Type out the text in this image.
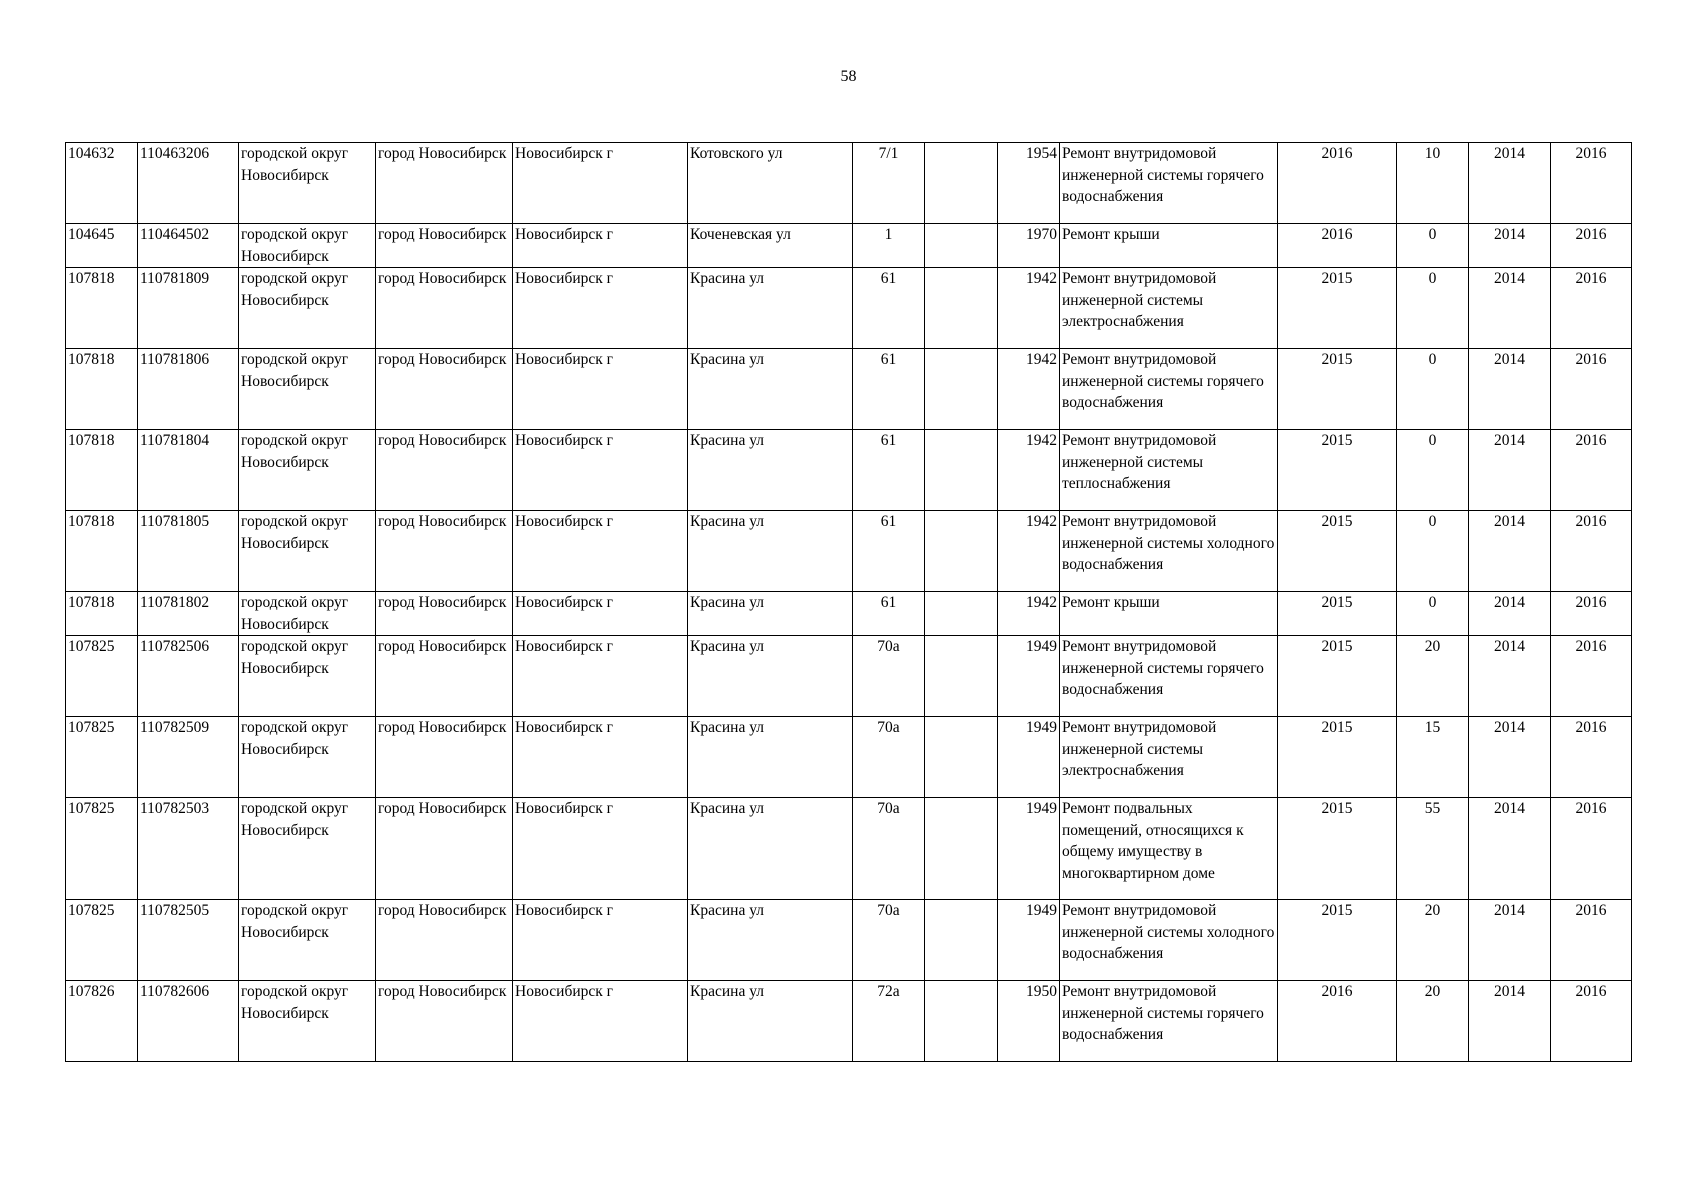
58
104632	110463206	городской округ Новосибирск	город Новосибирск	Новосибирск г	Котовского ул	7/1		1954	Ремонт внутридомовой инженерной системы горячего водоснабжения	2016	10	2014	2016
104645	110464502	городской округ Новосибирск	город Новосибирск	Новосибирск г	Коченевская ул	1		1970	Ремонт крыши	2016	0	2014	2016
107818	110781809	городской округ Новосибирск	город Новосибирск	Новосибирск г	Красина ул	61		1942	Ремонт внутридомовой инженерной системы электроснабжения	2015	0	2014	2016
107818	110781806	городской округ Новосибирск	город Новосибирск	Новосибирск г	Красина ул	61		1942	Ремонт внутридомовой инженерной системы горячего водоснабжения	2015	0	2014	2016
107818	110781804	городской округ Новосибирск	город Новосибирск	Новосибирск г	Красина ул	61		1942	Ремонт внутридомовой инженерной системы теплоснабжения	2015	0	2014	2016
107818	110781805	городской округ Новосибирск	город Новосибирск	Новосибирск г	Красина ул	61		1942	Ремонт внутридомовой инженерной системы холодного водоснабжения	2015	0	2014	2016
107818	110781802	городской округ Новосибирск	город Новосибирск	Новосибирск г	Красина ул	61		1942	Ремонт крыши	2015	0	2014	2016
107825	110782506	городской округ Новосибирск	город Новосибирск	Новосибирск г	Красина ул	70а		1949	Ремонт внутридомовой инженерной системы горячего водоснабжения	2015	20	2014	2016
107825	110782509	городской округ Новосибирск	город Новосибирск	Новосибирск г	Красина ул	70а		1949	Ремонт внутридомовой инженерной системы электроснабжения	2015	15	2014	2016
107825	110782503	городской округ Новосибирск	город Новосибирск	Новосибирск г	Красина ул	70а		1949	Ремонт подвальных помещений, относящихся к общему имуществу в многоквартирном доме	2015	55	2014	2016
107825	110782505	городской округ Новосибирск	город Новосибирск	Новосибирск г	Красина ул	70а		1949	Ремонт внутридомовой инженерной системы холодного водоснабжения	2015	20	2014	2016
107826	110782606	городской округ Новосибирск	город Новосибирск	Новосибирск г	Красина ул	72а		1950	Ремонт внутридомовой инженерной системы горячего водоснабжения	2016	20	2014	2016
